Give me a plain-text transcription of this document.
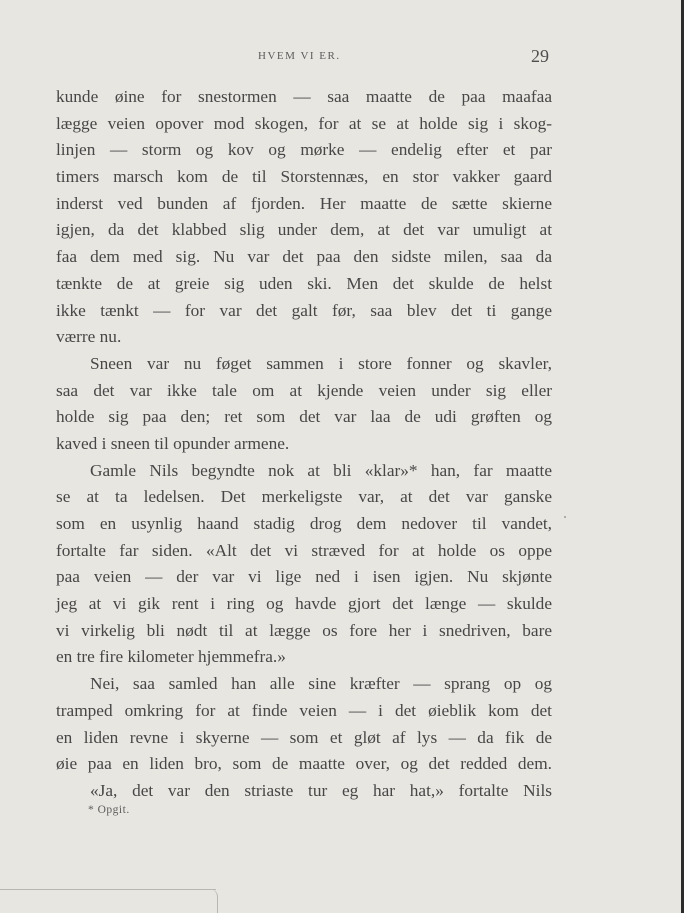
HVEM VI ER.	29
kunde øine for snestormen — saa maatte de paa maafaa
lægge veien opover mod skogen, for at se at holde sig i skog-
linjen — storm og kov og mørke — endelig efter et par
timers marsch kom de til Storstennæs, en stor vakker gaard
inderst ved bunden af fjorden. Her maatte de sætte skierne
igjen, da det klabbed slig under dem, at det var umuligt at
faa dem med sig. Nu var det paa den sidste milen, saa da
tænkte de at greie sig uden ski. Men det skulde de helst
ikke tænkt — for var det galt før, saa blev det ti gange
værre nu.
Sneen var nu føget sammen i store fonner og skavler,
saa det var ikke tale om at kjende veien under sig eller
holde sig paa den; ret som det var laa de udi grøften og
kaved i sneen til opunder armene.
Gamle Nils begyndte nok at bli «klar»* han, far maatte
se at ta ledelsen. Det merkeligste var, at det var ganske
som en usynlig haand stadig drog dem nedover til vandet,
fortalte far siden. «Alt det vi stræved for at holde os oppe
paa veien — der var vi lige ned i isen igjen. Nu skjønte
jeg at vi gik rent i ring og havde gjort det længe — skulde
vi virkelig bli nødt til at lægge os fore her i snedriven, bare
en tre fire kilometer hjemmefra.»
Nei, saa samled han alle sine kræfter — sprang op og
tramped omkring for at finde veien — i det øieblik kom det
en liden revne i skyerne — som et gløt af lys — da fik de
øie paa en liden bro, som de maatte over, og det redded dem.
«Ja, det var den striaste tur eg har hat,» fortalte Nils
* Opgit.
